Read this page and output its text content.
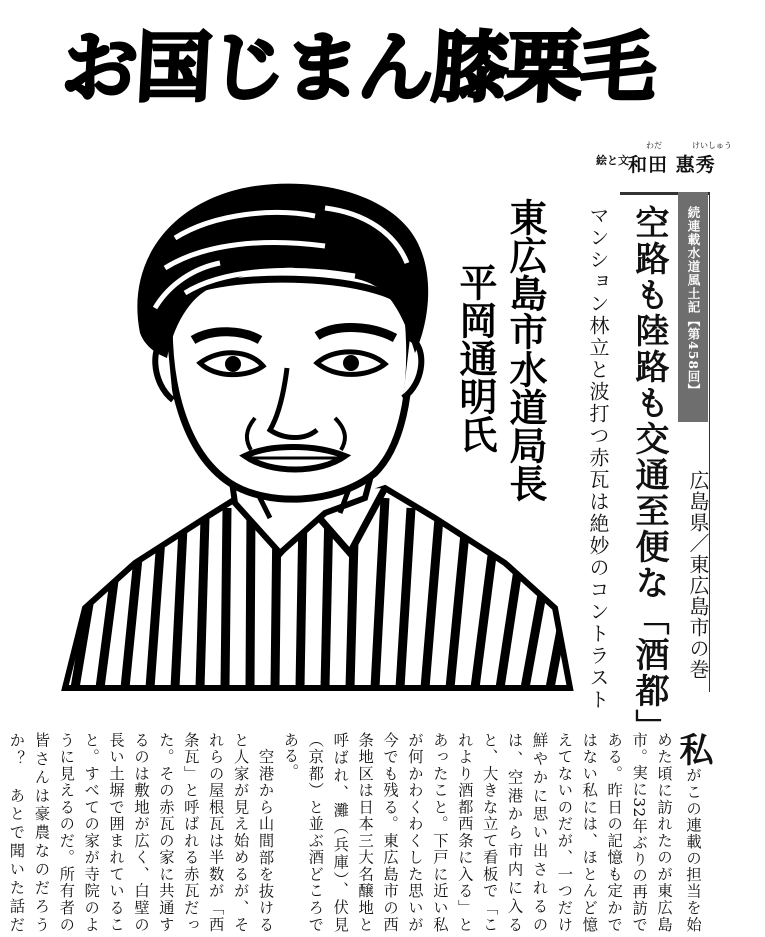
お国じまん膝栗毛
絵と文
わだ	けいしゅう
和田 惠秀
東広島市水道局長
平岡通明氏	続連載水道風土記【第458回】
空路も陸路も交通至便な「酒都」
マンション林立と波打つ赤瓦は絶妙のコントラスト	広島県／東広島市の巻

私がこの連載の担当を始めた頃に訪れたのが東広島市。実に32年ぶりの再訪である。昨日の記憶も定かではない私には、ほとんど憶えてないのだが、一つだけ鮮やかに思い出されるのは、空港から市内に入ると、大きな立て看板で「これより酒都西条に入る」とあったこと。下戸に近い私が何かわくわくした思いが今でも残る。東広島市の西条地区は日本三大名醸地と呼ばれ、灘（兵庫）、伏見（京都）と並ぶ酒どころである。

　空港から山間部を抜けると人家が見え始めるが、それらの屋根瓦は半数が「西条瓦」と呼ばれる赤瓦だった。その赤瓦の家に共通するのは敷地が広く、白壁の長い土塀で囲まれていること。すべての家が寺院のように見えるのだ。所有者の皆さんは豪農なのだろうか？　あとで聞いた話だ
